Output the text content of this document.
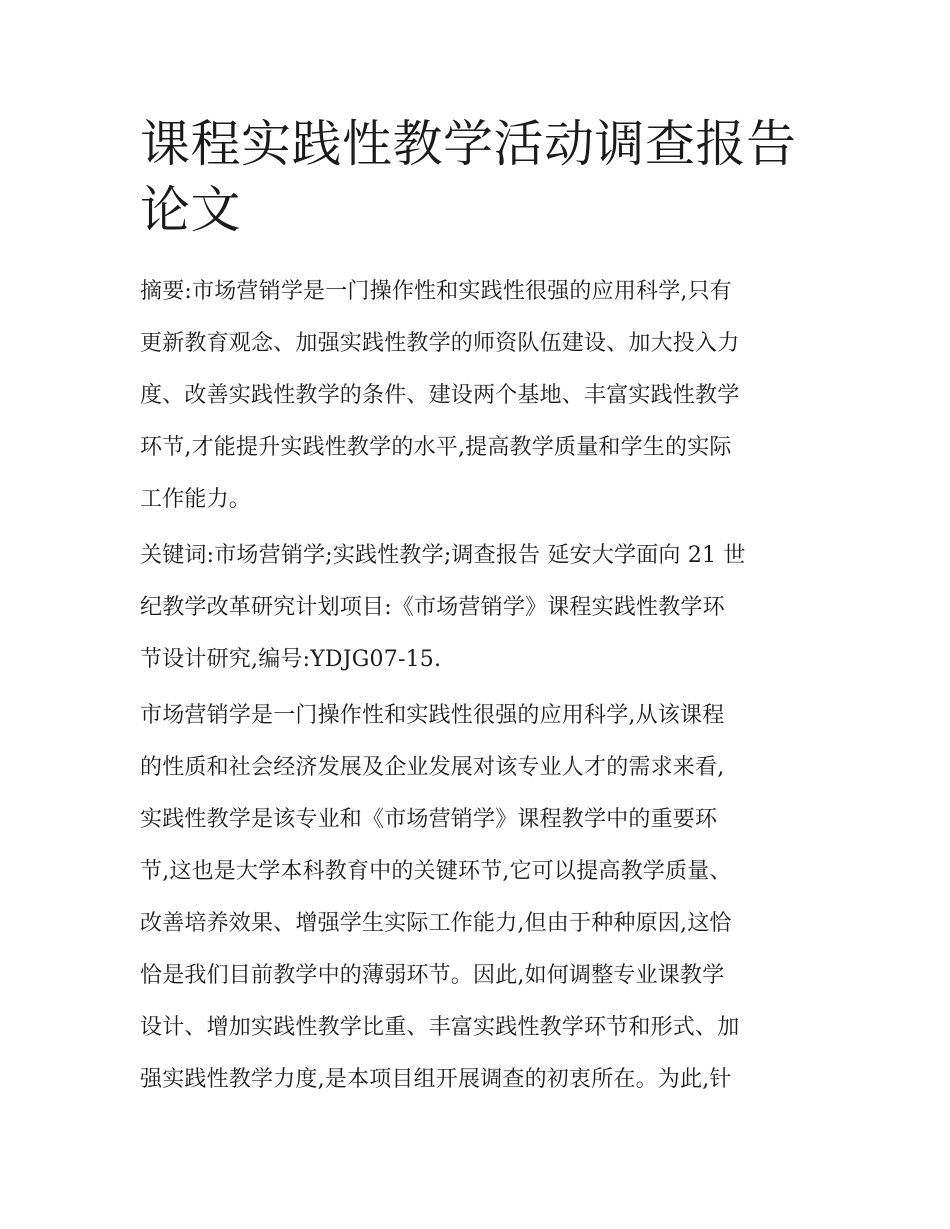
课程实践性教学活动调查报告
论文

摘要:市场营销学是一门操作性和实践性很强的应用科学,只有
更新教育观念、加强实践性教学的师资队伍建设、加大投入力
度、改善实践性教学的条件、建设两个基地、丰富实践性教学
环节,才能提升实践性教学的水平,提高教学质量和学生的实际
工作能力。

关键词:市场营销学;实践性教学;调查报告 延安大学面向 21 世
纪教学改革研究计划项目:《市场营销学》课程实践性教学环
节设计研究,编号:YDJG07-15.

市场营销学是一门操作性和实践性很强的应用科学,从该课程
的性质和社会经济发展及企业发展对该专业人才的需求来看,
实践性教学是该专业和《市场营销学》课程教学中的重要环
节,这也是大学本科教育中的关键环节,它可以提高教学质量、
改善培养效果、增强学生实际工作能力,但由于种种原因,这恰
恰是我们目前教学中的薄弱环节。因此,如何调整专业课教学
设计、增加实践性教学比重、丰富实践性教学环节和形式、加
强实践性教学力度,是本项目组开展调查的初衷所在。为此,针
